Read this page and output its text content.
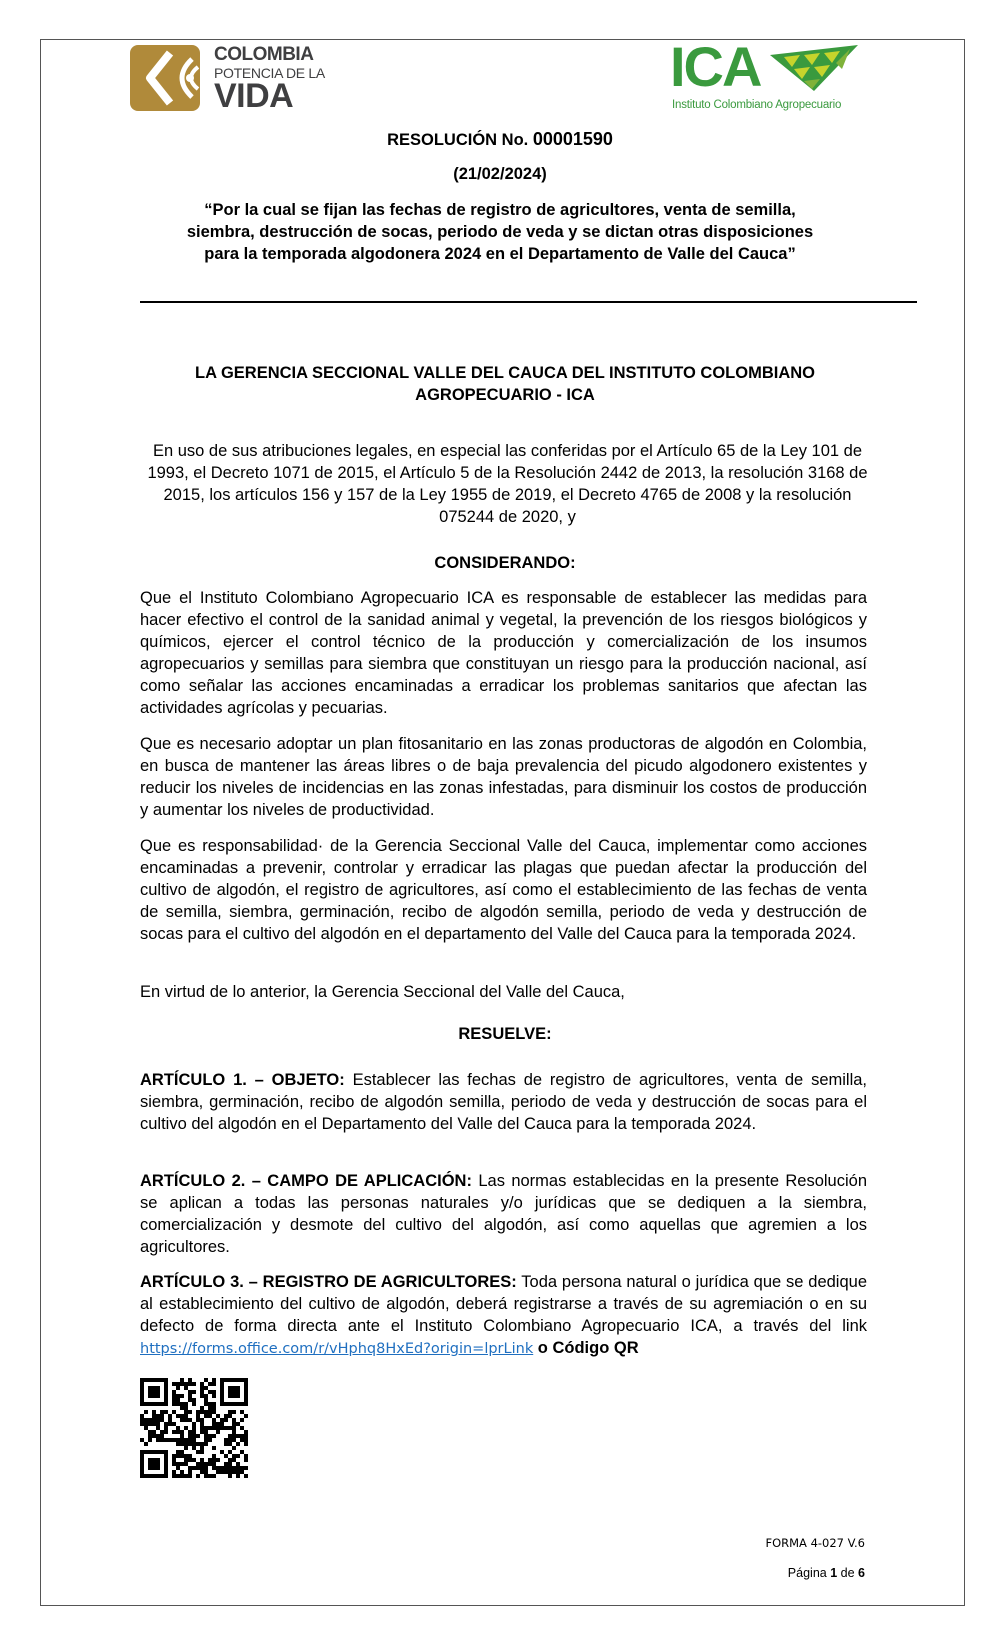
COLOMBIA
POTENCIA DE LA
VIDA	ICA
Instituto Colombiano Agropecuario
RESOLUCIÓN No. 00001590
(21/02/2024)
“Por la cual se fijan las fechas de registro de agricultores, venta de semilla, siembra, destrucción de socas, periodo de veda y se dictan otras disposiciones para la temporada algodonera 2024 en el Departamento de Valle del Cauca”
LA GERENCIA SECCIONAL VALLE DEL CAUCA DEL INSTITUTO COLOMBIANO AGROPECUARIO - ICA
En uso de sus atribuciones legales, en especial las conferidas por el Artículo 65 de la Ley 101 de 1993, el Decreto 1071 de 2015, el Artículo 5 de la Resolución 2442 de 2013, la resolución 3168 de 2015, los artículos 156 y 157 de la Ley 1955 de 2019, el Decreto 4765 de 2008 y la resolución 075244 de 2020, y
CONSIDERANDO:
Que el Instituto Colombiano Agropecuario ICA es responsable de establecer las medidas para hacer efectivo el control de la sanidad animal y vegetal, la prevención de los riesgos biológicos y químicos, ejercer el control técnico de la producción y comercialización de los insumos agropecuarios y semillas para siembra que constituyan un riesgo para la producción nacional, así como señalar las acciones encaminadas a erradicar los problemas sanitarios que afectan las actividades agrícolas y pecuarias.
Que es necesario adoptar un plan fitosanitario en las zonas productoras de algodón en Colombia, en busca de mantener las áreas libres o de baja prevalencia del picudo algodonero existentes y reducir los niveles de incidencias en las zonas infestadas, para disminuir los costos de producción y aumentar los niveles de productividad.
Que es responsabilidad· de la Gerencia Seccional Valle del Cauca, implementar como acciones encaminadas a prevenir, controlar y erradicar las plagas que puedan afectar la producción del cultivo de algodón, el registro de agricultores, así como el establecimiento de las fechas de venta de semilla, siembra, germinación, recibo de algodón semilla, periodo de veda y destrucción de socas para el cultivo del algodón en el departamento del Valle del Cauca para la temporada 2024.
En virtud de lo anterior, la Gerencia Seccional del Valle del Cauca,
RESUELVE:
ARTÍCULO 1. – OBJETO: Establecer las fechas de registro de agricultores, venta de semilla, siembra, germinación, recibo de algodón semilla, periodo de veda y destrucción de socas para el cultivo del algodón en el Departamento del Valle del Cauca para la temporada 2024.
ARTÍCULO 2. – CAMPO DE APLICACIÓN: Las normas establecidas en la presente Resolución se aplican a todas las personas naturales y/o jurídicas que se dediquen a la siembra, comercialización y desmote del cultivo del algodón, así como aquellas que agremien a los agricultores.
ARTÍCULO 3. – REGISTRO DE AGRICULTORES: Toda persona natural o jurídica que se dedique al establecimiento del cultivo de algodón, deberá registrarse a través de su agremiación o en su defecto de forma directa ante el Instituto Colombiano Agropecuario ICA, a través del link https://forms.office.com/r/vHphq8HxEd?origin=lprLink o Código QR
FORMA 4-027 V.6
Página 1 de 6
